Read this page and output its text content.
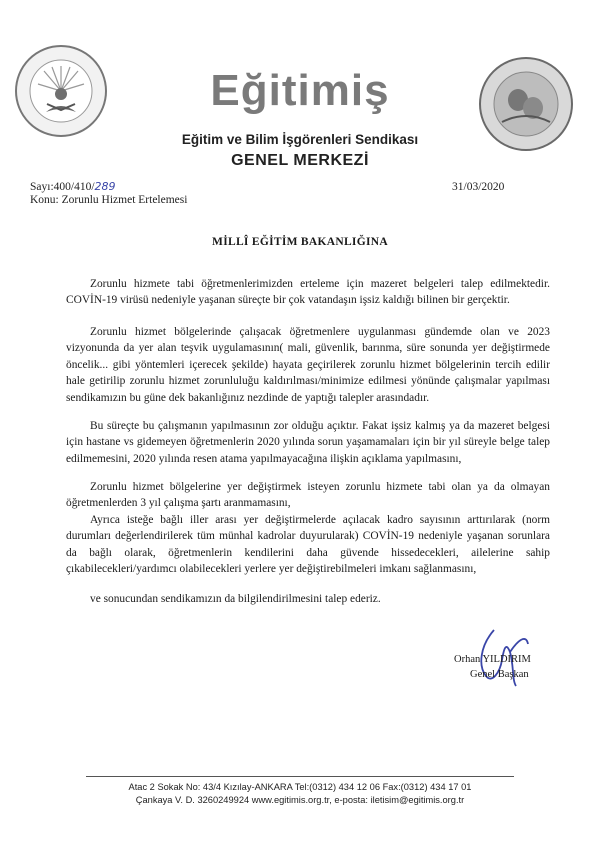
Eğitimiş
Eğitim ve Bilim İşgörenleri Sendikası
GENEL MERKEZİ
Sayı:400/410/289
Konu: Zorunlu Hizmet Ertelemesi
31/03/2020
MİLLÎ EĞİTİM BAKANLIĞINA
Zorunlu hizmete tabi öğretmenlerimizden erteleme için mazeret belgeleri talep edilmektedir. COVİN-19 virüsü nedeniyle yaşanan süreçte bir çok vatandaşın işsiz kaldığı bilinen bir gerçektir.
Zorunlu hizmet bölgelerinde çalışacak öğretmenlere uygulanması gündemde olan ve 2023 vizyonunda da yer alan teşvik uygulamasının( mali, güvenlik, barınma, süre sonunda yer değiştirmede öncelik... gibi yöntemleri içerecek şekilde) hayata geçirilerek zorunlu hizmet bölgelerinin tercih edilir hale getirilip zorunlu hizmet zorunluluğu kaldırılması/minimize edilmesi yönünde çalışmalar yapılması sendikamızın bu güne dek bakanlığınız nezdinde de yaptığı talepler arasındadır.
Bu süreçte bu çalışmanın yapılmasının zor olduğu açıktır. Fakat işsiz kalmış ya da mazeret belgesi için hastane vs gidemeyen öğretmenlerin 2020 yılında sorun yaşamamaları için bir yıl süreyle belge talep edilmemesini, 2020 yılında resen atama yapılmayacağına ilişkin açıklama yapılmasını,
Zorunlu hizmet bölgelerine yer değiştirmek isteyen zorunlu hizmete tabi olan ya da olmayan öğretmenlerden 3 yıl çalışma şartı aranmamasını,
Ayrıca isteğe bağlı iller arası yer değiştirmelerde açılacak kadro sayısının arttırılarak (norm durumları değerlendirilerek tüm münhal kadrolar duyurularak) COVİN-19 nedeniyle yaşanan sorunlara da bağlı olarak, öğretmenlerin kendilerini daha güvende hissedecekleri, ailelerine sahip çıkabilecekleri/yardımcı olabilecekleri yerlere yer değiştirebilmeleri imkanı sağlanmasını,
ve sonucundan sendikamızın da bilgilendirilmesini talep ederiz.
Orhan YILDIRIM
Genel Başkan
Atac 2 Sokak No: 43/4 Kızılay-ANKARA Tel:(0312) 434 12 06 Fax:(0312) 434 17 01
Çankaya V. D. 3260249924 www.egitimis.org.tr, e-posta: iletisim@egitimis.org.tr
